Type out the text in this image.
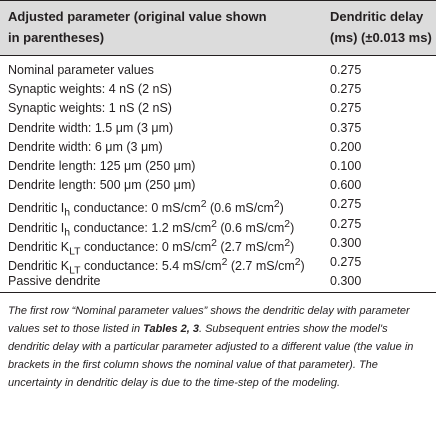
Adjusted parameter (original value shown
in parentheses)
Dendritic delay
(ms) (±0.013 ms)
Nominal parameter values	0.275
Synaptic weights: 4 nS (2 nS)	0.275
Synaptic weights: 1 nS (2 nS)	0.275
Dendrite width: 1.5 μm (3 μm)	0.375
Dendrite width: 6 μm (3 μm)	0.200
Dendrite length: 125 μm (250 μm)	0.100
Dendrite length: 500 μm (250 μm)	0.600
Dendritic $I_h$ conductance: 0 $mS/cm^2$ (0.6 $mS/cm^2$)	0.275
Dendritic $I_h$ conductance: 1.2 $mS/cm^2$ (0.6 $mS/cm^2$)	0.275
Dendritic $K_{LT}$ conductance: 0 $mS/cm^2$ (2.7 $mS/cm^2$)	0.300
Dendritic $K_{LT}$ conductance: 5.4 $mS/cm^2$ (2.7 $mS/cm^2$) 0.275
Passive dendrite	0.300
The first row “Nominal parameter values” shows the dendritic delay with parameter values set to those listed in Tables 2, 3. Subsequent entries show the model's dendritic delay with a particular parameter adjusted to a different value (the value in brackets in the first column shows the nominal value of that parameter). The uncertainty in dendritic delay is due to the time-step of the modeling.
